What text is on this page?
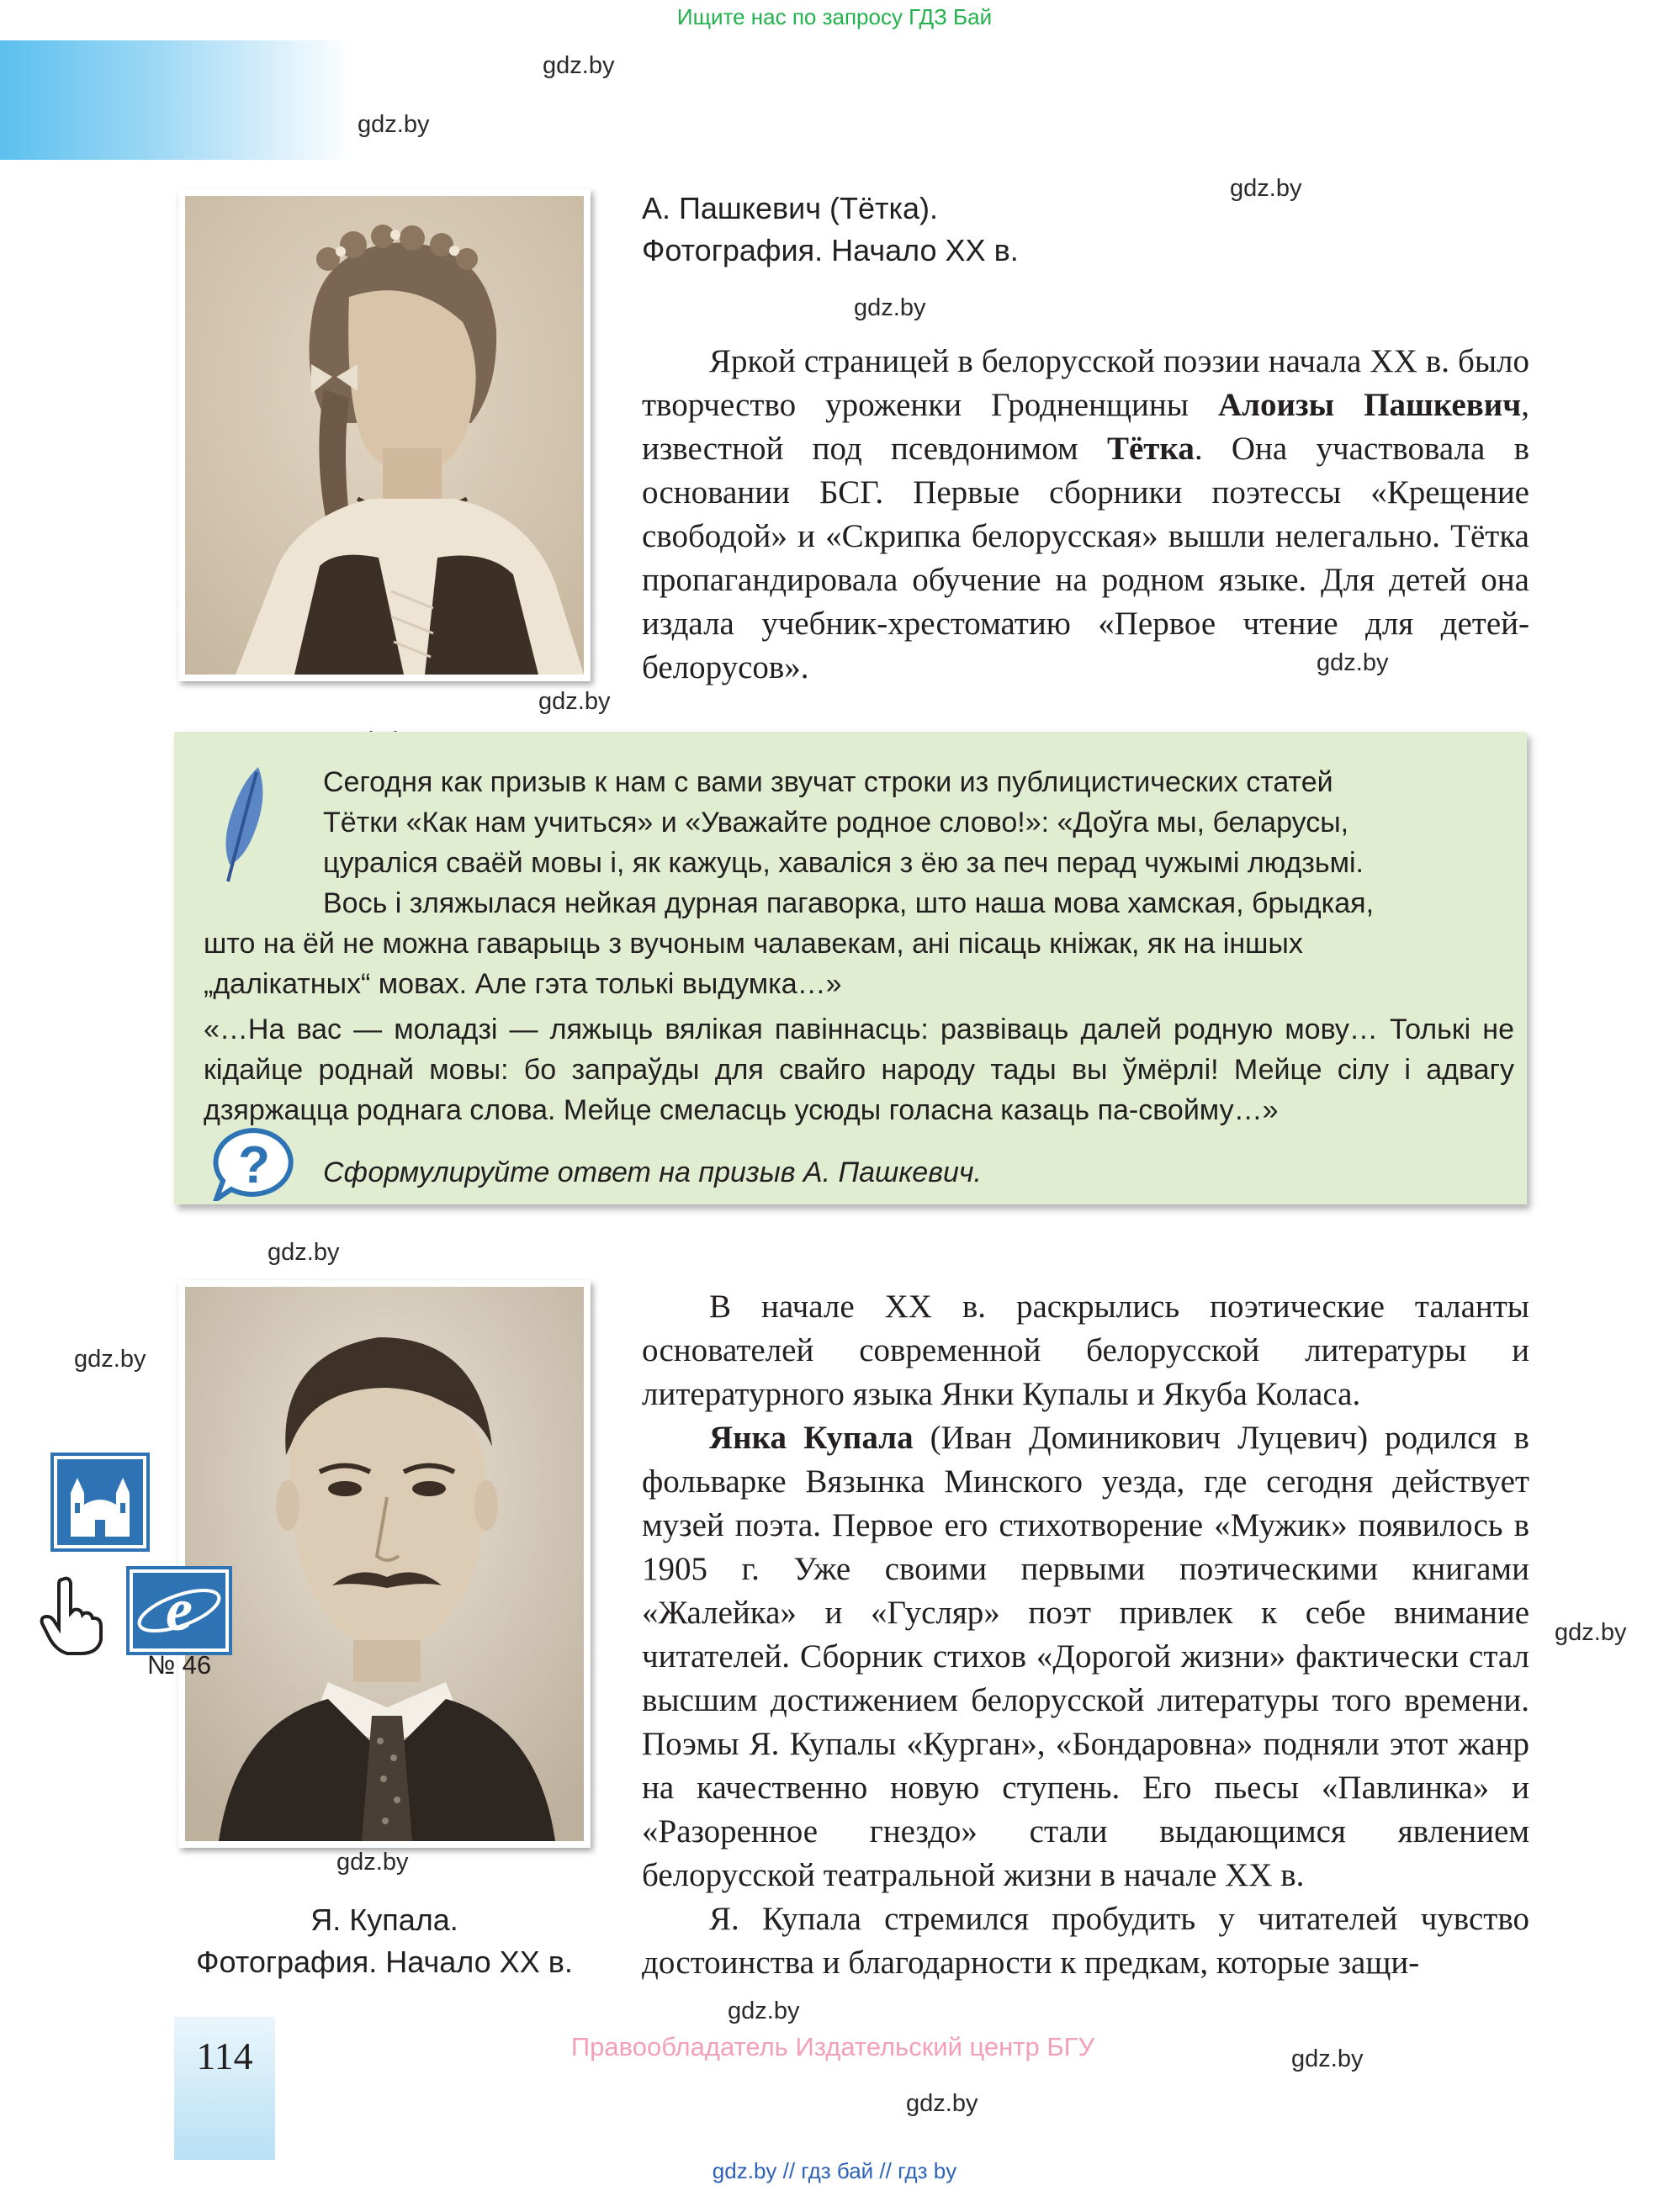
Ищите нас по запросу ГДЗ Бай
gdz.by
gdz.by
gdz.by
gdz.by
gdz.by
gdz.by
gdz.by
gdz.by
gdz.by
gdz.by
gdz.by
gdz.by
gdz.by
А. Пашкевич (Тётка).
Фотография. Начало XX в.
Яркой страницей в белорусской поэзии начала XX в. было творчество уроженки Гродненщины Алоизы Пашкевич, известной под псевдонимом Тётка. Она участвовала в основании БСГ. Первые сборники поэтессы «Крещение свободой» и «Скрипка белорусская» вышли нелегально. Тётка пропагандировала обучение на родном языке. Для детей она издала учебник-хрестоматию «Первое чтение для детей-белорусов».
Сегодня как призыв к нам с вами звучат строки из публицистических статей
Тётки «Как нам учиться» и «Уважайте родное слово!»: «Доўга мы, беларусы,
цураліся сваёй мовы і, як кажуць, хаваліся з ёю за печ перад чужымі людзьмі.
Вось і зляжылася нейкая дурная пагаворка, што наша мова хамская, брыдкая,
што на ёй не можна гаварыць з вучоным чалавекам, ані пісаць кніжак, як на іншых
„далікатных“ мовах. Але гэта толькі выдумка…»
«…На вас — моладзі — ляжыць вялікая павіннасць: развіваць далей родную мову… Толькі не кідайце роднай мовы: бо запраўды для свайго народу тады вы ўмёрлі! Мейце сілу і адвагу дзяржацца роднага слова. Мейце смеласць усюды голасна казаць па-свойму…»
? Сформулируйте ответ на призыв А. Пашкевич.
Я. Купала.
Фотография. Начало XX в.
e
№ 46
В начале XX в. раскрылись поэтические таланты основателей современной белорусской литературы и литературного языка Янки Купалы и Якуба Коласа.
Янка Купала (Иван Доминикович Луцевич) родился в фольварке Вязынка Минского уезда, где сегодня действует музей поэта. Первое его стихотворение «Мужик» появилось в 1905 г. Уже своими первыми поэтическими книгами «Жалейка» и «Гусляр» поэт привлек к себе внимание читателей. Сборник стихов «Дорогой жизни» фактически стал высшим достижением белорусской литературы того времени. Поэмы Я. Купалы «Курган», «Бондаровна» подняли этот жанр на качественно новую ступень. Его пьесы «Павлинка» и «Разоренное гнездо» стали выдающимся явлением белорусской театральной жизни в начале XX в.
Я. Купала стремился пробудить у читателей чувство достоинства и благодарности к предкам, которые защи-
114	Правообладатель Издательский центр БГУ
gdz.by // гдз бай // гдз by
